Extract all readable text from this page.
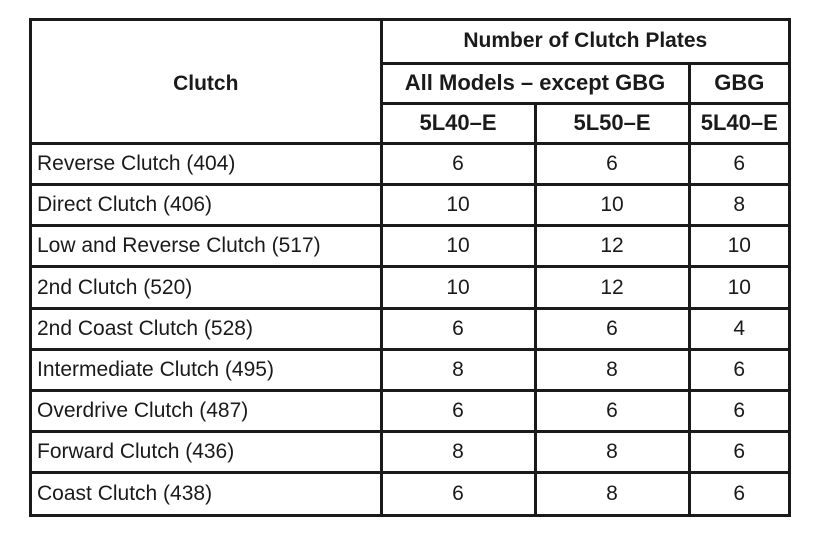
Clutch	Number of Clutch Plates		
	All Models – except GBG		GBG
	5L40–E	5L50–E	5L40–E
Reverse Clutch (404)	6	6	6
Direct Clutch (406)	10	10	8
Low and Reverse Clutch (517)	10	12	10
2nd Clutch (520)	10	12	10
2nd Coast Clutch (528)	6	6	4
Intermediate Clutch (495)	8	8	6
Overdrive Clutch (487)	6	6	6
Forward Clutch (436)	8	8	6
Coast Clutch (438)	6	8	6
